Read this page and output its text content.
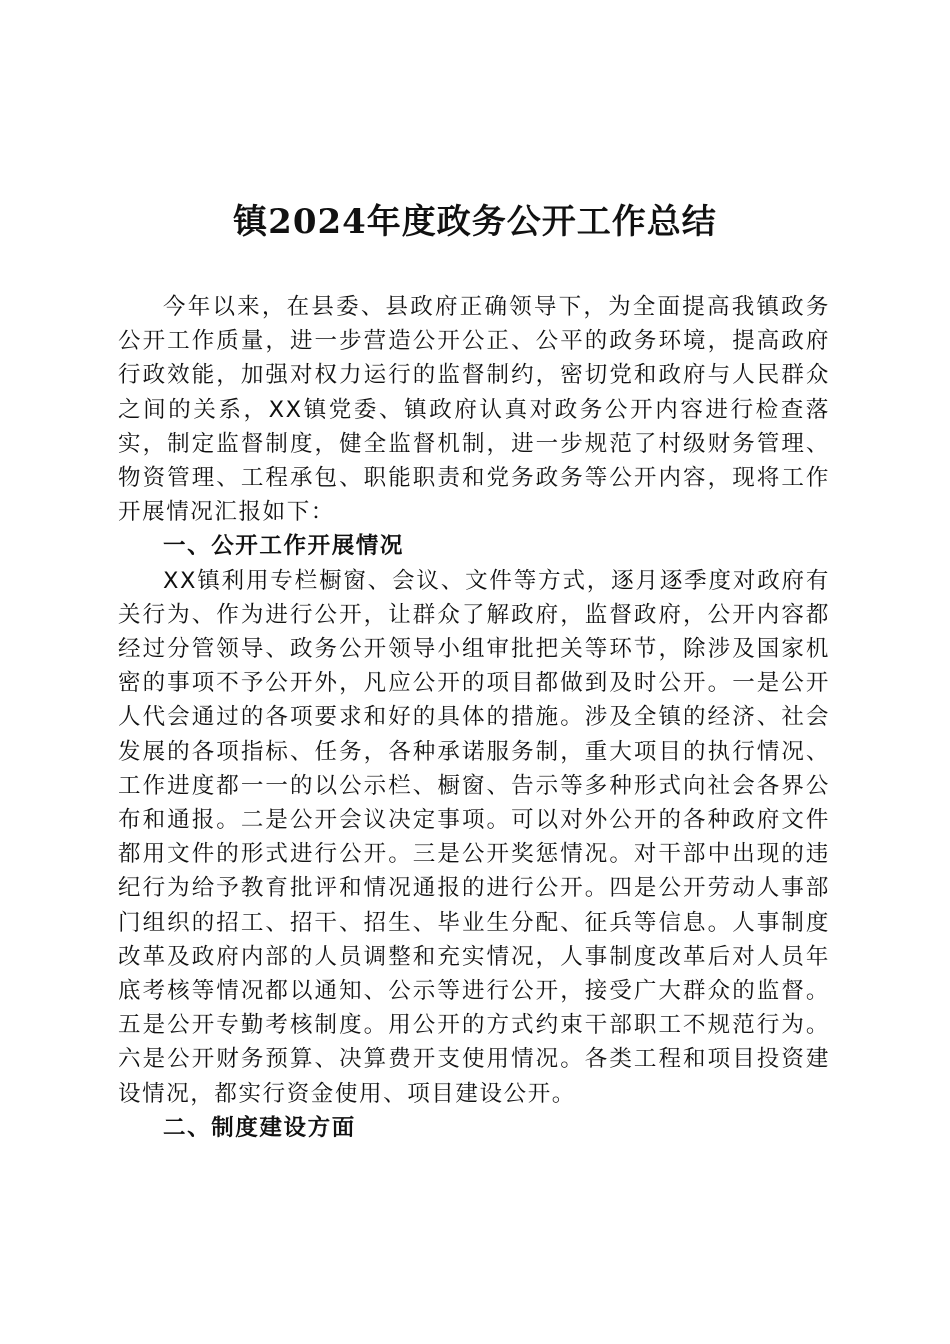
镇2024年度政务公开工作总结

今年以来，在县委、县政府正确领导下，为全面提高我镇政务公开工作质量，进一步营造公开公正、公平的政务环境，提高政府行政效能，加强对权力运行的监督制约，密切党和政府与人民群众之间的关系，XX镇党委、镇政府认真对政务公开内容进行检查落实，制定监督制度，健全监督机制，进一步规范了村级财务管理、物资管理、工程承包、职能职责和党务政务等公开内容，现将工作开展情况汇报如下：

一、公开工作开展情况

XX镇利用专栏橱窗、会议、文件等方式，逐月逐季度对政府有关行为、作为进行公开，让群众了解政府，监督政府，公开内容都经过分管领导、政务公开领导小组审批把关等环节，除涉及国家机密的事项不予公开外，凡应公开的项目都做到及时公开。一是公开人代会通过的各项要求和好的具体的措施。涉及全镇的经济、社会发展的各项指标、任务，各种承诺服务制，重大项目的执行情况、工作进度都一一的以公示栏、橱窗、告示等多种形式向社会各界公布和通报。二是公开会议决定事项。可以对外公开的各种政府文件都用文件的形式进行公开。三是公开奖惩情况。对干部中出现的违纪行为给予教育批评和情况通报的进行公开。四是公开劳动人事部门组织的招工、招干、招生、毕业生分配、征兵等信息。人事制度改革及政府内部的人员调整和充实情况，人事制度改革后对人员年底考核等情况都以通知、公示等进行公开，接受广大群众的监督。五是公开专勤考核制度。用公开的方式约束干部职工不规范行为。六是公开财务预算、决算费开支使用情况。各类工程和项目投资建设情况，都实行资金使用、项目建设公开。

二、制度建设方面
